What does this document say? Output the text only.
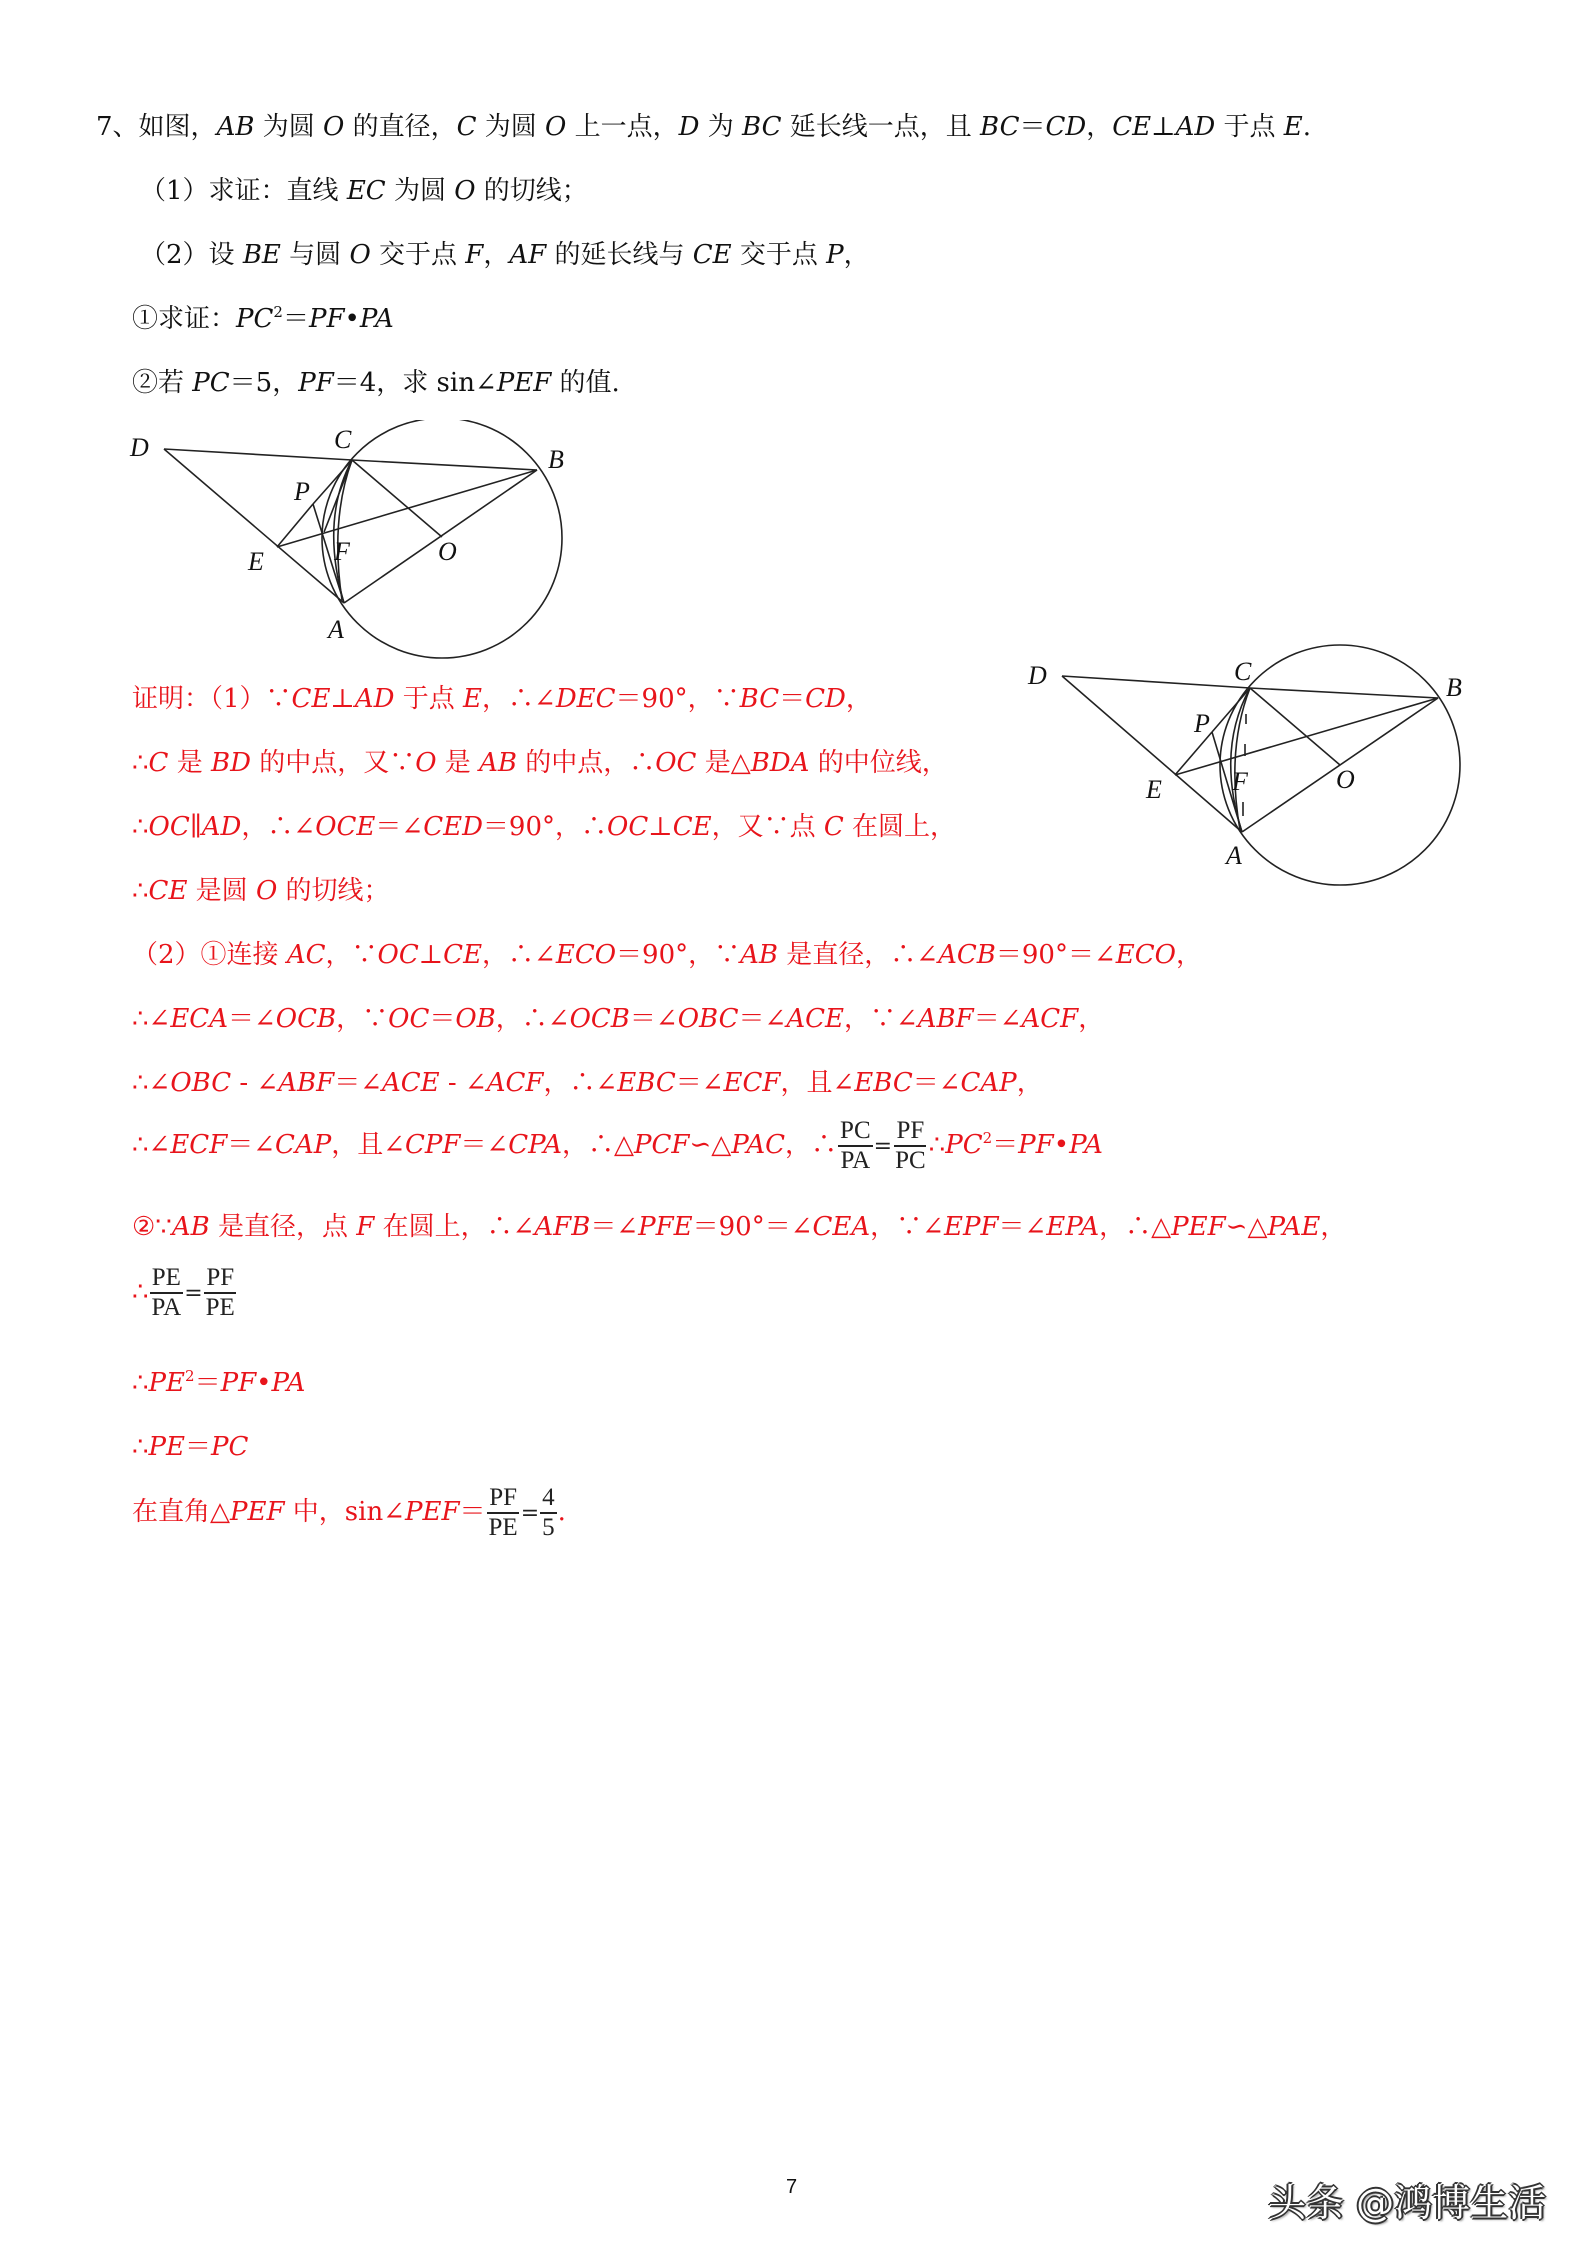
7、如图，AB 为圆 O 的直径，C 为圆 O 上一点，D 为 BC 延长线一点，且 BC＝CD，CE⊥AD 于点 E.
（1）求证：直线 EC 为圆 O 的切线；
（2）设 BE 与圆 O 交于点 F，AF 的延长线与 CE 交于点 P，
①求证：$PC^2=PF•PA$
②若 PC＝5，PF＝4，求 sin∠PEF 的值.
D	C
B
P
E	F	O
A
D	C
B
P
E	F	O
A
证明：（1）∵CE⊥AD 于点 E，∴∠DEC＝90°，∵BC＝CD，
∴C 是 BD 的中点，又∵O 是 AB 的中点，∴OC 是△BDA 的中位线，
∴OC∥AD，∴∠OCE＝∠CED＝90°，∴OC⊥CE，又∵点 C 在圆上，
∴CE 是圆 O 的切线；
（2）①连接 AC，∵OC⊥CE，∴∠ECO＝90°，∵AB 是直径，∴∠ACB＝90°＝∠ECO，
∴∠ECA＝∠OCB，∵OC＝OB，∴∠OCB＝∠OBC＝∠ACE，∵∠ABF＝∠ACF，
∴∠OBC - ∠ABF＝∠ACE - ∠ACF，∴∠EBC＝∠ECF，且∠EBC＝∠CAP，
∴∠ECF＝∠CAP，且∠CPF＝∠CPA，∴△PCF∽△PAC，∴ $\frac{PC}{PA} = \frac{PF}{PC}$ $\therefore PC^2=PF•PA$
②∵AB 是直径，点 F 在圆上，∴∠AFB＝∠PFE＝90°＝∠CEA，∵∠EPF＝∠EPA，∴△PEF∽△PAE，
∴ $\frac{PE}{PA} = \frac{PF}{PE}$
$\therefore PE^2=PF•PA$
∴PE＝PC
在直角△PEF 中，sin∠PEF＝ $\frac{PF}{PE} = \frac{4}{5}$ .
7	头条 @鸿博生活
